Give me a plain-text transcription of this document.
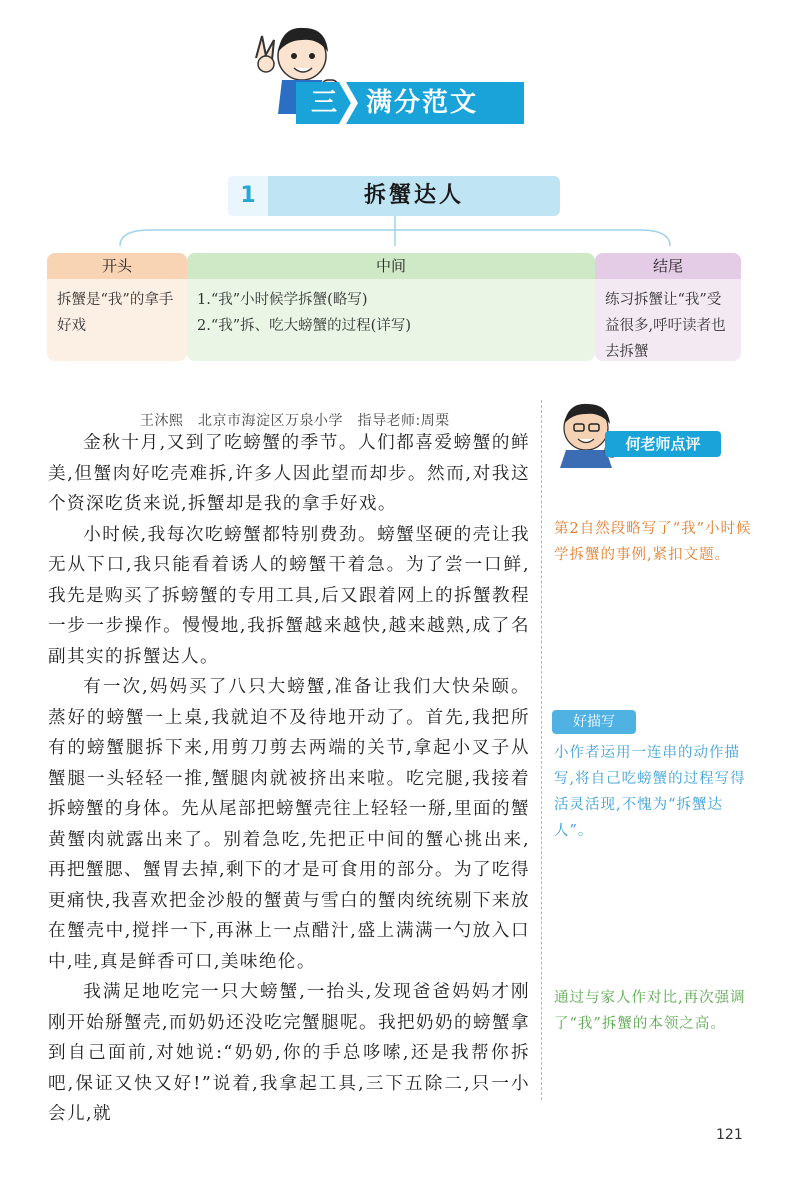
三	满分范文
1	拆蟹达人
开头
拆蟹是“我”的拿手好戏
中间
1.“我”小时候学拆蟹(略写)
2.“我”拆、吃大螃蟹的过程(详写)
结尾
练习拆蟹让“我”受益很多,呼吁读者也去拆蟹
王沐熙　北京市海淀区万泉小学　指导老师:周栗

金秋十月,又到了吃螃蟹的季节。人们都喜爱螃蟹的鲜美,但蟹肉好吃壳难拆,许多人因此望而却步。然而,对我这个资深吃货来说,拆蟹却是我的拿手好戏。

小时候,我每次吃螃蟹都特别费劲。螃蟹坚硬的壳让我无从下口,我只能看着诱人的螃蟹干着急。为了尝一口鲜,我先是购买了拆螃蟹的专用工具,后又跟着网上的拆蟹教程一步一步操作。慢慢地,我拆蟹越来越快,越来越熟,成了名副其实的拆蟹达人。

有一次,妈妈买了八只大螃蟹,准备让我们大快朵颐。蒸好的螃蟹一上桌,我就迫不及待地开动了。首先,我把所有的螃蟹腿拆下来,用剪刀剪去两端的关节,拿起小叉子从蟹腿一头轻轻一推,蟹腿肉就被挤出来啦。吃完腿,我接着拆螃蟹的身体。先从尾部把螃蟹壳往上轻轻一掰,里面的蟹黄蟹肉就露出来了。别着急吃,先把正中间的蟹心挑出来,再把蟹腮、蟹胃去掉,剩下的才是可食用的部分。为了吃得更痛快,我喜欢把金沙般的蟹黄与雪白的蟹肉统统剔下来放在蟹壳中,搅拌一下,再淋上一点醋汁,盛上满满一勺放入口中,哇,真是鲜香可口,美味绝伦。

我满足地吃完一只大螃蟹,一抬头,发现爸爸妈妈才刚刚开始掰蟹壳,而奶奶还没吃完蟹腿呢。我把奶奶的螃蟹拿到自己面前,对她说:“奶奶,你的手总哆嗦,还是我帮你拆吧,保证又快又好!”说着,我拿起工具,三下五除二,只一小会儿,就

何老师点评
第2自然段略写了“我”小时候学拆蟹的事例,紧扣文题。
好描写
小作者运用一连串的动作描写,将自己吃螃蟹的过程写得活灵活现,不愧为“拆蟹达人”。
通过与家人作对比,再次强调了“我”拆蟹的本领之高。
121
